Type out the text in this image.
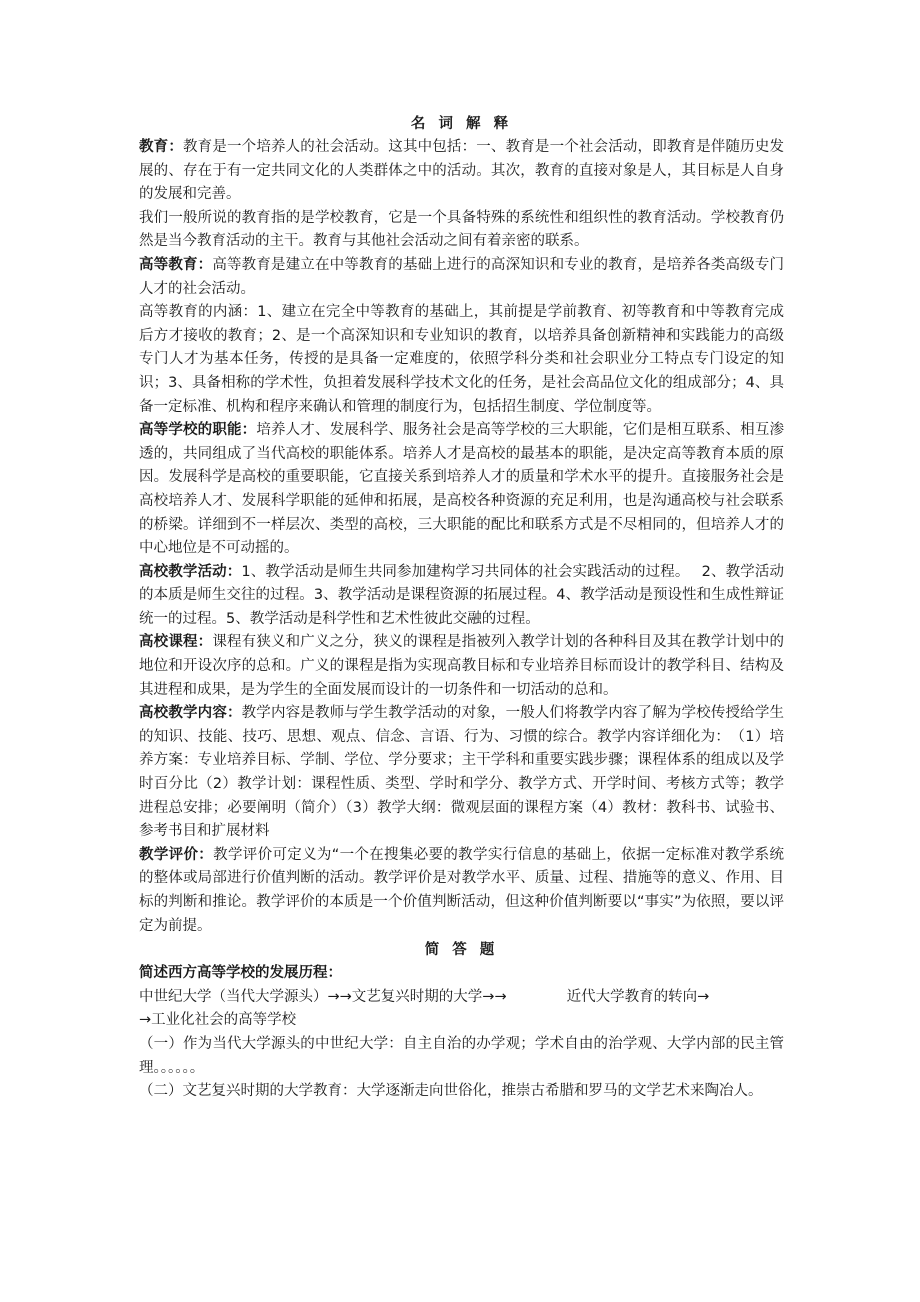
名 词 解 释

教育：教育是一个培养人的社会活动。这其中包括：一、教育是一个社会活动，即教育是伴随历史发展的、存在于有一定共同文化的人类群体之中的活动。其次，教育的直接对象是人，其目标是人自身的发展和完善。

我们一般所说的教育指的是学校教育，它是一个具备特殊的系统性和组织性的教育活动。学校教育仍然是当今教育活动的主干。教育与其他社会活动之间有着亲密的联系。

高等教育：高等教育是建立在中等教育的基础上进行的高深知识和专业的教育，是培养各类高级专门人才的社会活动。

高等教育的内涵：1、建立在完全中等教育的基础上，其前提是学前教育、初等教育和中等教育完成后方才接收的教育；2、是一个高深知识和专业知识的教育，以培养具备创新精神和实践能力的高级专门人才为基本任务，传授的是具备一定难度的，依照学科分类和社会职业分工特点专门设定的知识；3、具备相称的学术性，负担着发展科学技术文化的任务，是社会高品位文化的组成部分；4、具备一定标准、机构和程序来确认和管理的制度行为，包括招生制度、学位制度等。

高等学校的职能：培养人才、发展科学、服务社会是高等学校的三大职能，它们是相互联系、相互渗透的，共同组成了当代高校的职能体系。培养人才是高校的最基本的职能，是决定高等教育本质的原因。发展科学是高校的重要职能，它直接关系到培养人才的质量和学术水平的提升。直接服务社会是高校培养人才、发展科学职能的延伸和拓展，是高校各种资源的充足利用，也是沟通高校与社会联系的桥梁。详细到不一样层次、类型的高校，三大职能的配比和联系方式是不尽相同的，但培养人才的中心地位是不可动摇的。

高校教学活动：1、教学活动是师生共同参加建构学习共同体的社会实践活动的过程。　 2、教学活动的本质是师生交往的过程。3、教学活动是课程资源的拓展过程。4、教学活动是预设性和生成性辩证统一的过程。5、教学活动是科学性和艺术性彼此交融的过程。

高校课程：课程有狭义和广义之分，狭义的课程是指被列入教学计划的各种科目及其在教学计划中的地位和开设次序的总和。广义的课程是指为实现高教目标和专业培养目标而设计的教学科目、结构及其进程和成果，是为学生的全面发展而设计的一切条件和一切活动的总和。

高校教学内容：教学内容是教师与学生教学活动的对象，一般人们将教学内容了解为学校传授给学生的知识、技能、技巧、思想、观点、信念、言语、行为、习惯的综合。教学内容详细化为：　（1）培养方案：专业培养目标、学制、学位、学分要求；主干学科和重要实践步骤；课程体系的组成以及学时百分比（2）教学计划：课程性质、类型、学时和学分、教学方式、开学时间、考核方式等；教学进程总安排；必要阐明（简介）（3）教学大纲：微观层面的课程方案（4）教材：教科书、试验书、参考书目和扩展材料

教学评价：教学评价可定义为“一个在搜集必要的教学实行信息的基础上，依据一定标准对教学系统的整体或局部进行价值判断的活动。教学评价是对教学水平、质量、过程、措施等的意义、作用、目标的判断和推论。教学评价的本质是一个价值判断活动，但这种价值判断要以“事实”为依照，要以评定为前提。

简 答 题

简述西方高等学校的发展历程：

中世纪大学（当代大学源头）→→文艺复兴时期的大学→→	近代大学教育的转向→

→工业化社会的高等学校

（一）作为当代大学源头的中世纪大学：自主自治的办学观；学术自由的治学观、大学内部的民主管理。。。。。。

（二）文艺复兴时期的大学教育：大学逐渐走向世俗化，推崇古希腊和罗马的文学艺术来陶冶人。
